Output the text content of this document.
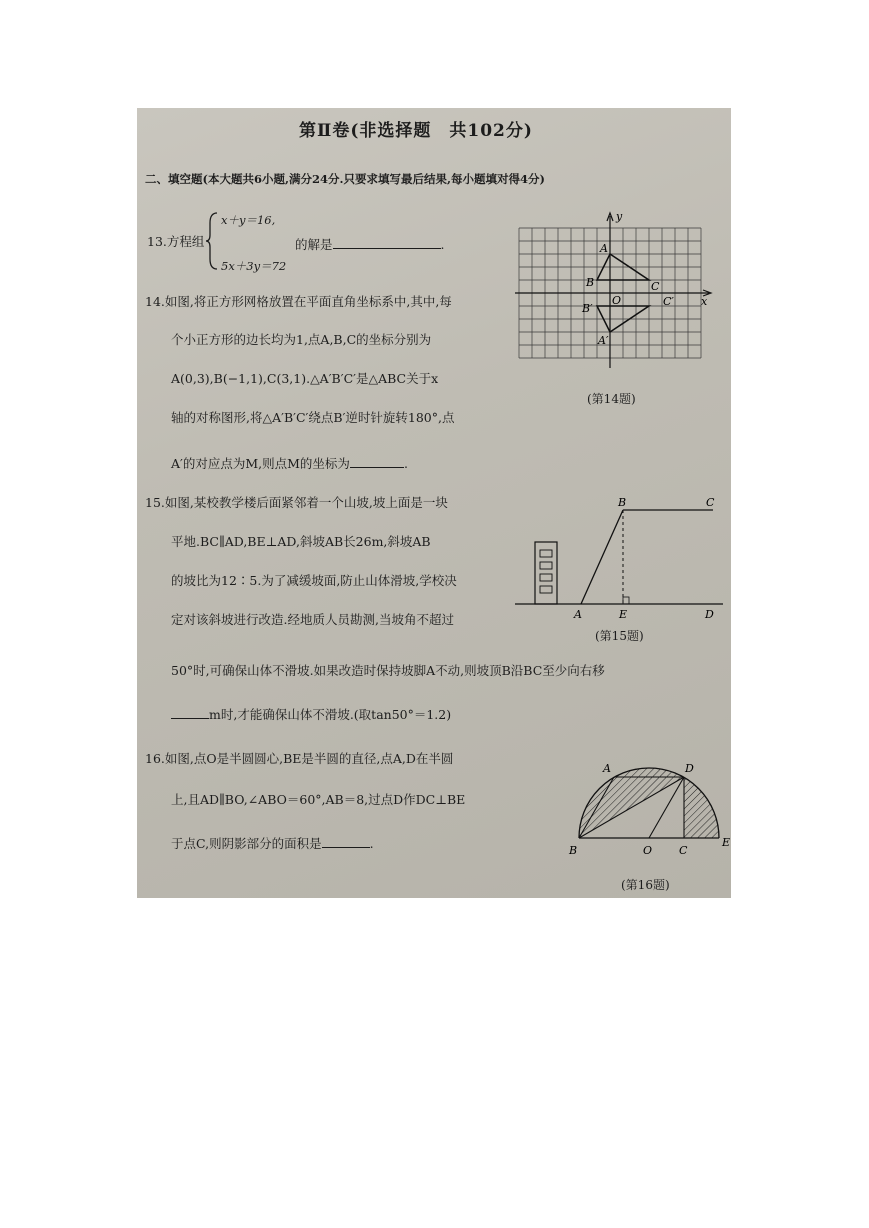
第Ⅱ卷(非选择题　共102分)
二、填空题(本大题共6小题,满分24分.只要求填写最后结果,每小题填对得4分)
13.方程组
x＋y＝16,
5x＋3y＝72
的解是	.
14.如图,将正方形网格放置在平面直角坐标系中,其中,每
个小正方形的边长均为1,点A,B,C的坐标分别为
A(0,3),B(−1,1),C(3,1).△A′B′C′是△ABC关于x
轴的对称图形,将△A′B′C′绕点B′逆时针旋转180°,点
A′的对应点为M,则点M的坐标为	.
y
x
A
B	C
O	C′
B′
A′
(第14题)
15.如图,某校教学楼后面紧邻着一个山坡,坡上面是一块
平地.BC∥AD,BE⊥AD,斜坡AB长26m,斜坡AB
的坡比为12∶5.为了减缓坡面,防止山体滑坡,学校决
定对该斜坡进行改造.经地质人员勘测,当坡角不超过
50°时,可确保山体不滑坡.如果改造时保持坡脚A不动,则坡顶B沿BC至少向右移
m时,才能确保山体不滑坡.(取tan50°＝1.2)
A
B	C
D
E
(第15题)
16.如图,点O是半圆圆心,BE是半圆的直径,点A,D在半圆
上,且AD∥BO,∠ABO＝60°,AB＝8,过点D作DC⊥BE
于点C,则阴影部分的面积是	.
A
B	C
D
E
O
(第16题)
